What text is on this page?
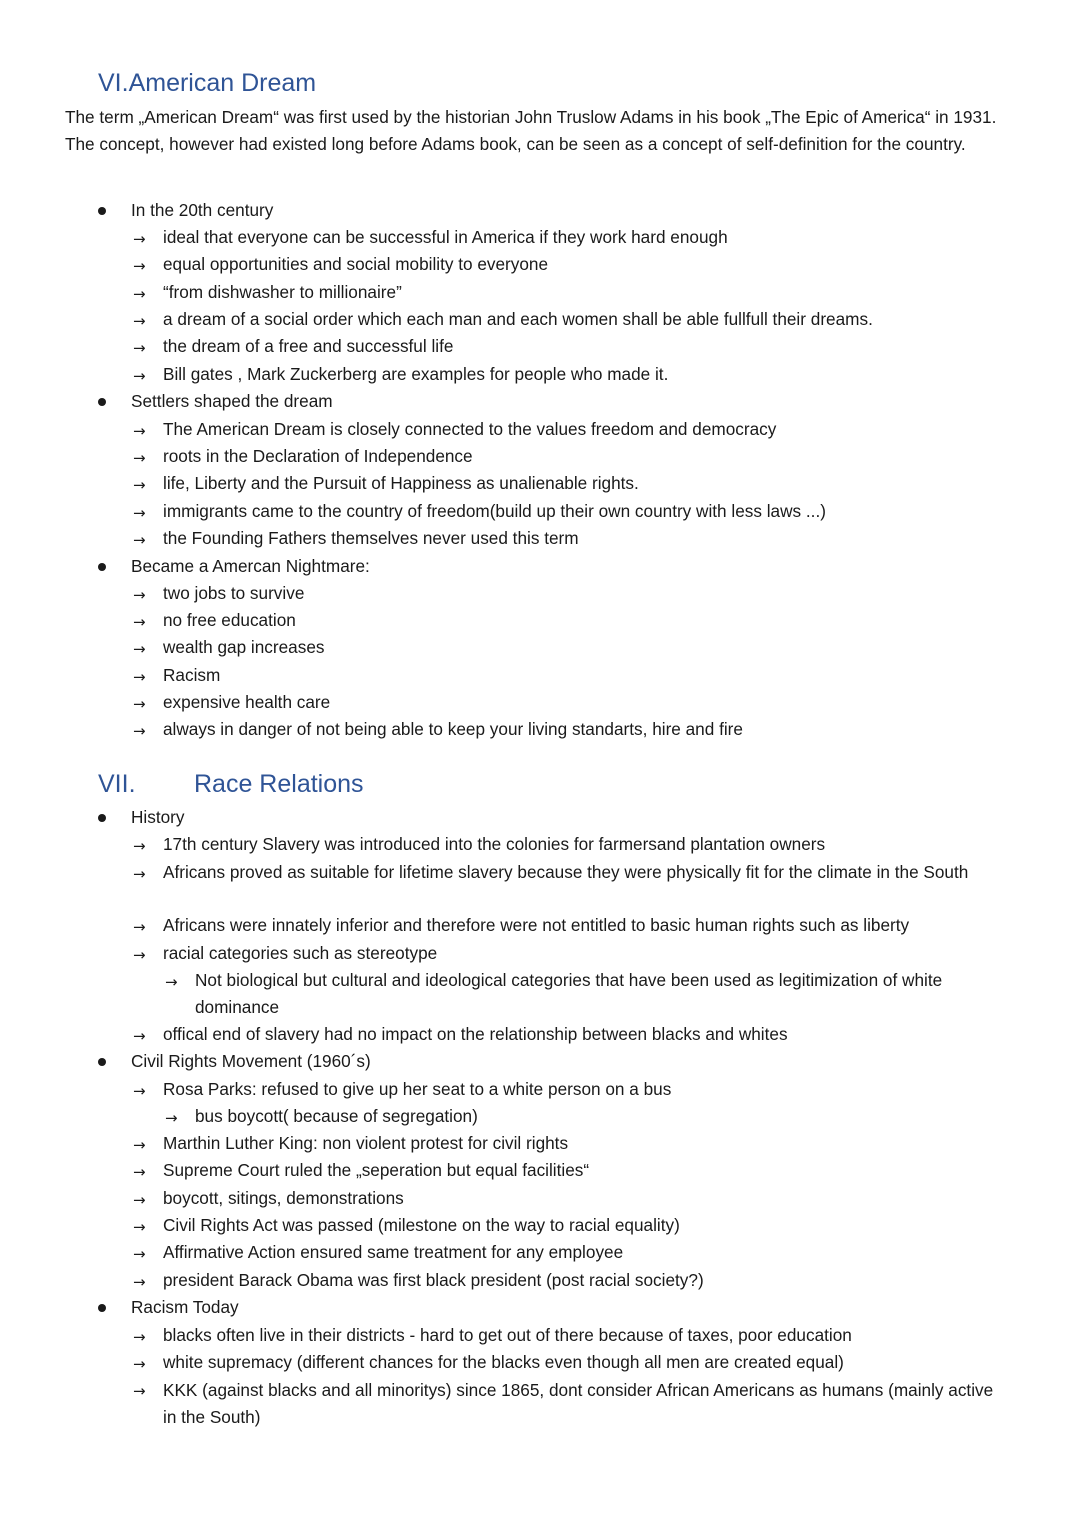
VI.American Dream

The term „American Dream“ was first used by the historian John Truslow Adams in his book „The Epic of America“ in 1931. The concept, however had existed long before Adams book, can be seen as a concept of self-definition for the country.

In the 20th century
→ ideal that everyone can be successful in America if they work hard enough
→ equal opportunities and social mobility to everyone
→ “from dishwasher to millionaire”
→ a dream of a social order which each man and each women shall be able fullfull their dreams.
→ the dream of a free and successful life
→ Bill gates , Mark Zuckerberg are examples for people who made it.
Settlers shaped the dream
→ The American Dream is closely connected to the values freedom and democracy
→ roots in the Declaration of Independence
→ life, Liberty and the Pursuit of Happiness as unalienable rights.
→ immigrants came to the country of freedom(build up their own country with less laws ...)
→ the Founding Fathers themselves never used this term
Became a Amercan Nightmare:
→ two jobs to survive
→ no free education
→ wealth gap increases
→ Racism
→ expensive health care
→ always in danger of not being able to keep your living standarts, hire and fire
VII. Race Relations
History
→ 17th century Slavery was introduced into the colonies for farmersand plantation owners
→ Africans proved as suitable for lifetime slavery because they were physically fit for the climate in the South
→ Africans were innately inferior and therefore were not entitled to basic human rights such as liberty
→ racial categories such as stereotype
→ Not biological but cultural and ideological categories that have been used as legitimization of white dominance
→ offical end of slavery had no impact on the relationship between blacks and whites
Civil Rights Movement (1960´s)
→ Rosa Parks: refused to give up her seat to a white person on a bus
→ bus boycott( because of segregation)
→ Marthin Luther King: non violent protest for civil rights
→ Supreme Court ruled the „seperation but equal facilities“
→ boycott, sitings, demonstrations
→ Civil Rights Act was passed (milestone on the way to racial equality)
→ Affirmative Action ensured same treatment for any employee
→ president Barack Obama was first black president (post racial society?)
Racism Today
→ blacks often live in their districts - hard to get out of there because of taxes, poor education
→ white supremacy (different chances for the blacks even though all men are created equal)
→ KKK (against blacks and all minoritys) since 1865, dont consider African Americans as humans (mainly active in the South)
